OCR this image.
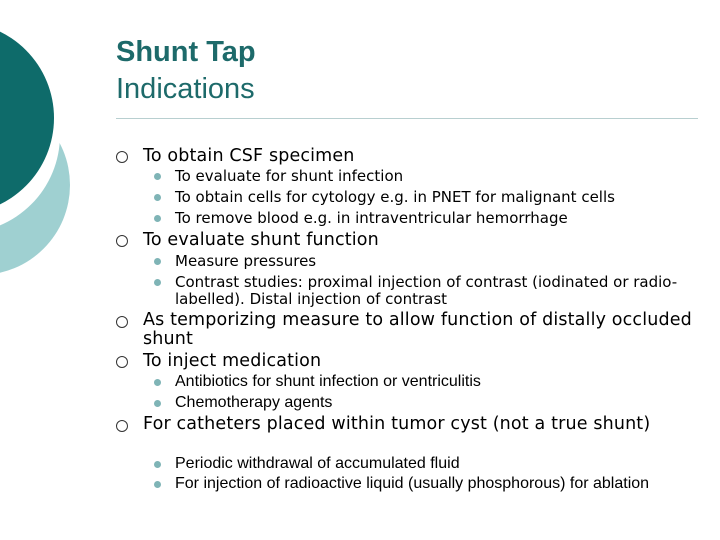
Shunt Tap
Indications
To obtain CSF specimen
To evaluate for shunt infection
To obtain cells for cytology e.g. in PNET for malignant cells
To remove blood e.g. in intraventricular hemorrhage
To evaluate shunt function
Measure pressures
Contrast studies: proximal injection of contrast (iodinated or radio-labelled). Distal injection of contrast
As temporizing measure to allow function of distally occluded shunt
To inject medication
Antibiotics for shunt infection or ventriculitis
Chemotherapy agents
For catheters placed within tumor cyst (not a true shunt)
Periodic withdrawal of accumulated fluid
For injection of radioactive liquid (usually phosphorous) for ablation
